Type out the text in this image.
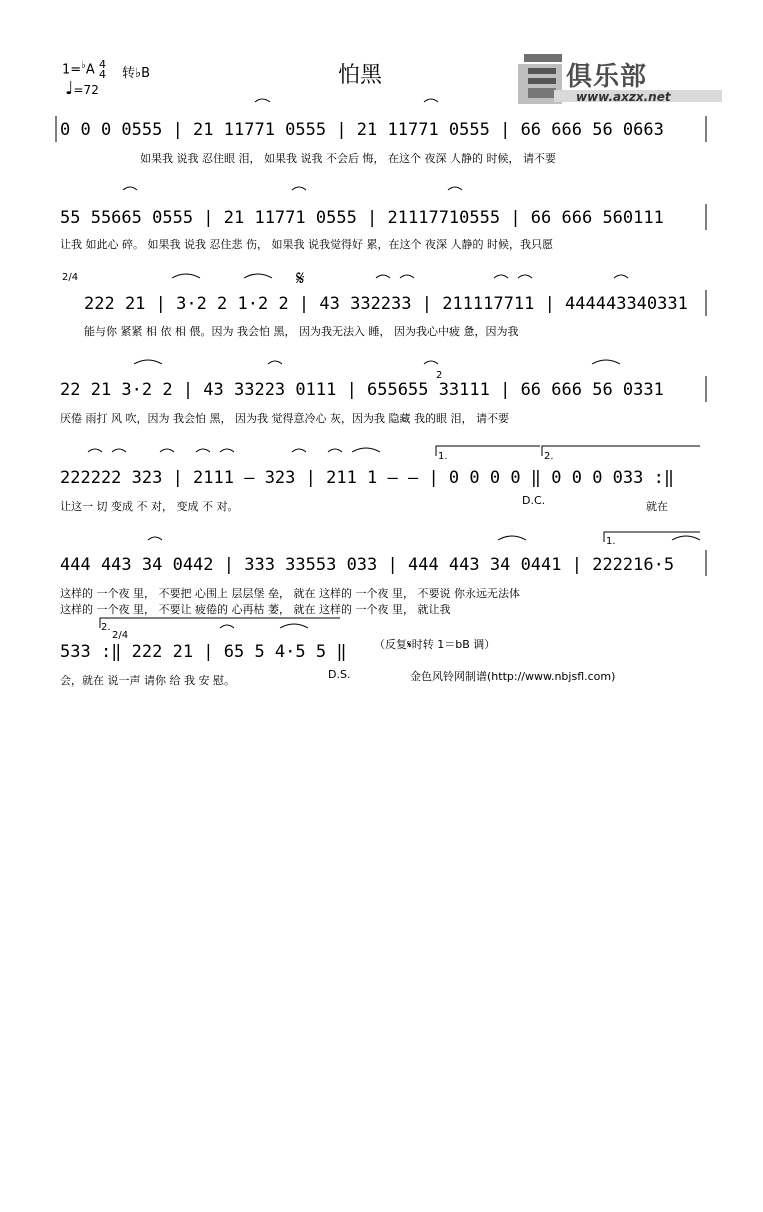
怕黑
1=♭A 4
4 转♭B
♩=72	俱乐部
www.axzx.net
0 0 0 0555 | 21 11771 0555 | 21 11771 0555 | 66 666 56 0663
如果我 说我 忍住眼 泪， 如果我 说我 不会后 悔， 在这个 夜深 人静的 时候， 请不要
55 55665 0555 | 21 11771 0555 | 21117710555 | 66 666 560111
让我 如此心 碎。 如果我 说我 忍住悲 伤， 如果我 说我觉得好 累，在这个 夜深 人静的 时候，我只愿
2/4	𝄋
222 21 | 3·2 2 1·2 2 | 43 332233 | 211117711 | 444443340331
能与你 紧紧 相 依 相 偎。因为 我会怕 黑， 因为我无法入 睡， 因为我心中疲 惫，因为我
2
22 21 3·2 2 | 43 33223 0111 | 655655 33111 | 66 666 56 0331
厌倦 雨打 风 吹，因为 我会怕 黑， 因为我 觉得意冷心 灰，因为我 隐藏 我的眼 泪， 请不要
1.	2.
222222 323 | 2111 – 323 | 211 1 – – | 0 0 0 0 ‖ 0 0 0 033 :‖
让这一 切 变成 不 对， 变成 不 对。	D.C.	就在
1.
444 443 34 0442 | 333 33553 033 | 444 443 34 0441 | 222216·5
这样的 一个夜 里， 不要把 心围上 层层堡 垒， 就在 这样的 一个夜 里， 不要说 你永远无法体
这样的 一个夜 里， 不要让 疲倦的 心再枯 萎， 就在 这样的 一个夜 里， 就让我
2.
2/4
533 :‖ 222 21 | 65 5 4·5 5 ‖
会，就在 说一声 请你 给 我 安 慰。	D.S.
（反复𝄋时转 1＝bB 调）
金色风铃网制谱(http://www.nbjsfl.com)
